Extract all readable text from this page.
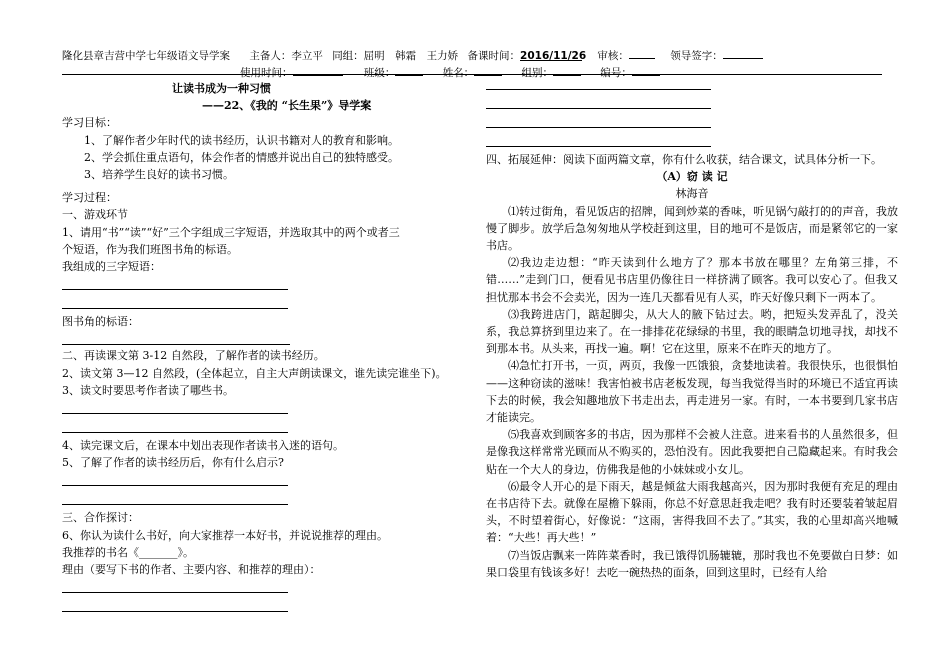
隆化县章吉营中学七年级语文导学案 主备人：李立平 同组：屈明　韩霜　王力娇 备课时间：2016/11/26 审核：	领导签字：
使用时间：	班级：	姓名：	组别：	编号：

让读书成为一种习惯

——22、《我的 “长生果”》导学案

学习目标：

1、了解作者少年时代的读书经历，认识书籍对人的教育和影响。

2、学会抓住重点语句，体会作者的情感并说出自己的独特感受。

3、培养学生良好的读书习惯。

学习过程：

一、游戏环节

1、请用“书”“读”“好”三个字组成三字短语，并选取其中的两个或者三

个短语，作为我们班图书角的标语。

我组成的三字短语：

图书角的标语：

二、再读课文第 3-12 自然段，了解作者的读书经历。

2、读文第 3—12 自然段，(全体起立，自主大声朗读课文，谁先读完谁坐下)。

3、读文时要思考作者读了哪些书。

4、读完课文后，在课本中划出表现作者读书入迷的语句。

5、了解了作者的读书经历后，你有什么启示?

三、合作探讨：

6、你认为读什么书好，向大家推荐一本好书，并说说推荐的理由。

我推荐的书名《_______》。

理由（要写下书的作者、主要内容、和推荐的理由）：

四、拓展延伸：阅读下面两篇文章，你有什么收获，结合课文，试具体分析一下。

（A）窃 读 记

林海音

⑴转过街角，看见饭店的招牌，闻到炒菜的香味，听见锅勺敲打的的声音，我放慢了脚步。放学后急匆匆地从学校赶到这里，目的地可不是饭店，而是紧邻它的一家书店。

⑵我边走边想：“昨天读到什么地方了？那本书放在哪里？左角第三排，不错……”走到门口，便看见书店里仍像往日一样挤满了顾客。我可以安心了。但我又担忧那本书会不会卖光，因为一连几天都看见有人买，昨天好像只剩下一两本了。

⑶我跨进店门，踮起脚尖，从大人的腋下钻过去。哟，把短头发弄乱了，没关系，我总算挤到里边来了。在一排排花花绿绿的书里，我的眼睛急切地寻找，却找不到那本书。从头来，再找一遍。啊！它在这里，原来不在昨天的地方了。

⑷急忙打开书，一页，两页，我像一匹饿狼，贪婪地读着。我很快乐，也很惧怕——这种窃读的滋味！我害怕被书店老板发现，每当我觉得当时的环境已不适宜再读下去的时候，我会知趣地放下书走出去，再走进另一家。有时，一本书要到几家书店才能读完。

⑸我喜欢到顾客多的书店，因为那样不会被人注意。进来看书的人虽然很多，但是像我这样常常光顾而从不购买的，恐怕没有。因此我要把自己隐藏起来。有时我会贴在一个大人的身边，仿佛我是他的小妹妹或小女儿。

⑹最令人开心的是下雨天，越是倾盆大雨我越高兴，因为那时我便有充足的理由在书店待下去。就像在屋檐下躲雨，你总不好意思赶我走吧？我有时还要装着皱起眉头，不时望着街心，好像说：“这雨，害得我回不去了。”其实，我的心里却高兴地喊着：“大些！再大些！”

⑺当饭店飘来一阵阵菜香时，我已饿得饥肠辘辘，那时我也不免要做白日梦：如果口袋里有钱该多好！去吃一碗热热的面条，回到这里时，已经有人给
